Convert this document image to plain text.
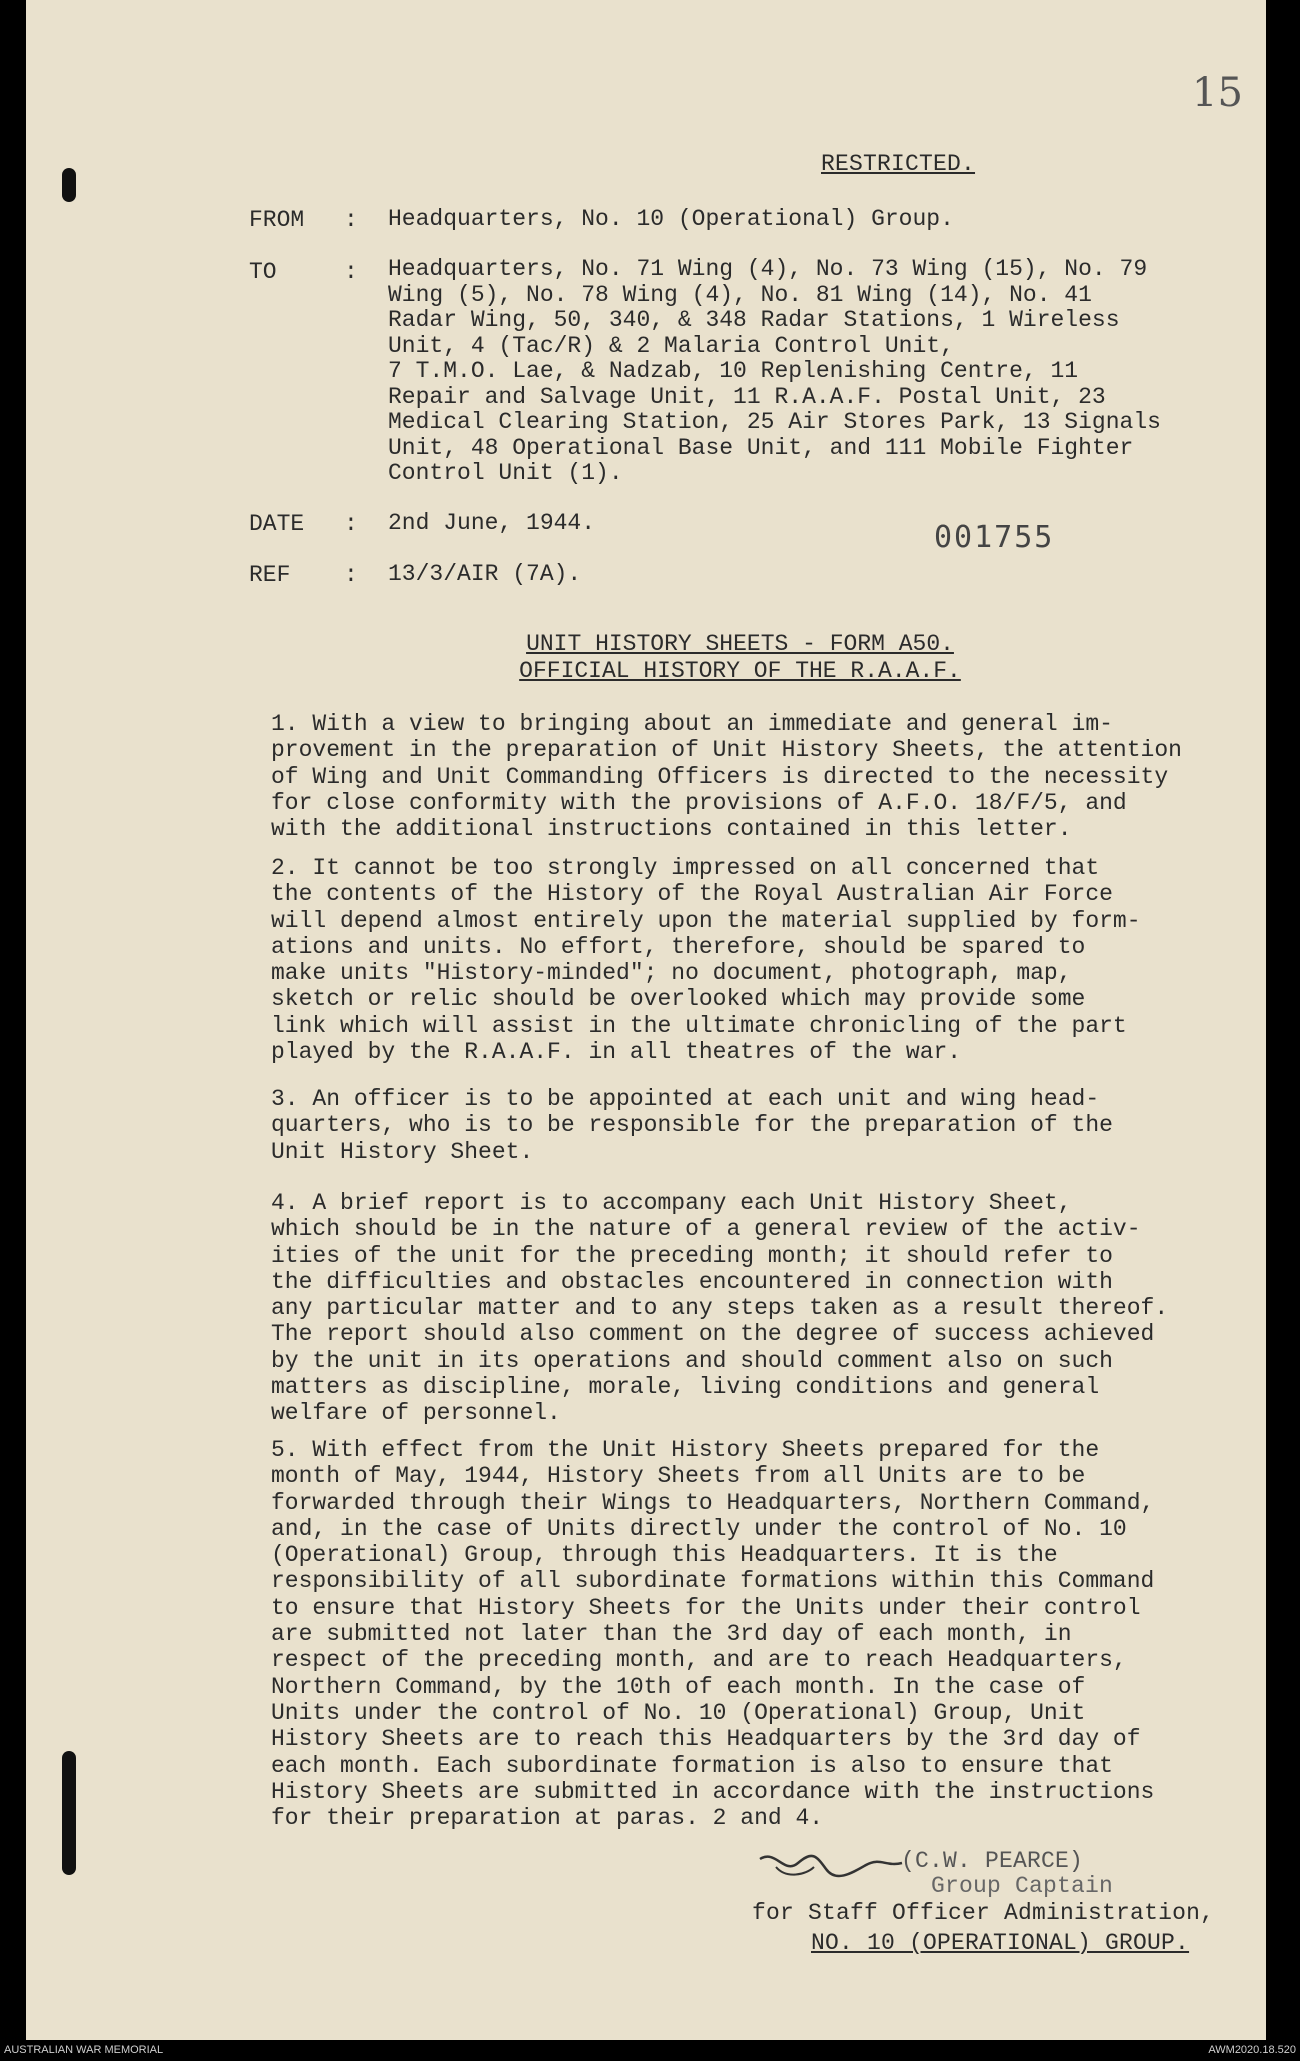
15
RESTRICTED.
FROM : Headquarters, No. 10 (Operational) Group.
TO	: Headquarters, No. 71 Wing (4), No. 73 Wing (15), No. 79
Wing (5), No. 78 Wing (4), No. 81 Wing (14), No. 41
Radar Wing, 50, 340, & 348 Radar Stations, 1 Wireless
Unit, 4 (Tac/R) & 2 Malaria Control Unit,
7 T.M.O. Lae, & Nadzab, 10 Replenishing Centre, 11
Repair and Salvage Unit, 11 R.A.A.F. Postal Unit, 23
Medical Clearing Station, 25 Air Stores Park, 13 Signals
Unit, 48 Operational Base Unit, and 111 Mobile Fighter
Control Unit (1).
DATE : 2nd June, 1944.	001755
REF : 13/3/AIR (7A).
UNIT HISTORY SHEETS - FORM A50.
OFFICIAL HISTORY OF THE R.A.A.F.
1. With a view to bringing about an immediate and general im-
provement in the preparation of Unit History Sheets, the attention
of Wing and Unit Commanding Officers is directed to the necessity
for close conformity with the provisions of A.F.O. 18/F/5, and
with the additional instructions contained in this letter.
2. It cannot be too strongly impressed on all concerned that
the contents of the History of the Royal Australian Air Force
will depend almost entirely upon the material supplied by form-
ations and units. No effort, therefore, should be spared to
make units "History-minded"; no document, photograph, map,
sketch or relic should be overlooked which may provide some
link which will assist in the ultimate chronicling of the part
played by the R.A.A.F. in all theatres of the war.
3. An officer is to be appointed at each unit and wing head-
quarters, who is to be responsible for the preparation of the
Unit History Sheet.
4. A brief report is to accompany each Unit History Sheet,
which should be in the nature of a general review of the activ-
ities of the unit for the preceding month; it should refer to
the difficulties and obstacles encountered in connection with
any particular matter and to any steps taken as a result thereof.
The report should also comment on the degree of success achieved
by the unit in its operations and should comment also on such
matters as discipline, morale, living conditions and general
welfare of personnel.
5. With effect from the Unit History Sheets prepared for the
month of May, 1944, History Sheets from all Units are to be
forwarded through their Wings to Headquarters, Northern Command,
and, in the case of Units directly under the control of No. 10
(Operational) Group, through this Headquarters. It is the
responsibility of all subordinate formations within this Command
to ensure that History Sheets for the Units under their control
are submitted not later than the 3rd day of each month, in
respect of the preceding month, and are to reach Headquarters,
Northern Command, by the 10th of each month. In the case of
Units under the control of No. 10 (Operational) Group, Unit
History Sheets are to reach this Headquarters by the 3rd day of
each month. Each subordinate formation is also to ensure that
History Sheets are submitted in accordance with the instructions
for their preparation at paras. 2 and 4.
(C.W. PEARCE)
Group Captain
for Staff Officer Administration,
NO. 10 (OPERATIONAL) GROUP.
AUSTRALIAN WAR MEMORIAL	AWM2020.18.520
